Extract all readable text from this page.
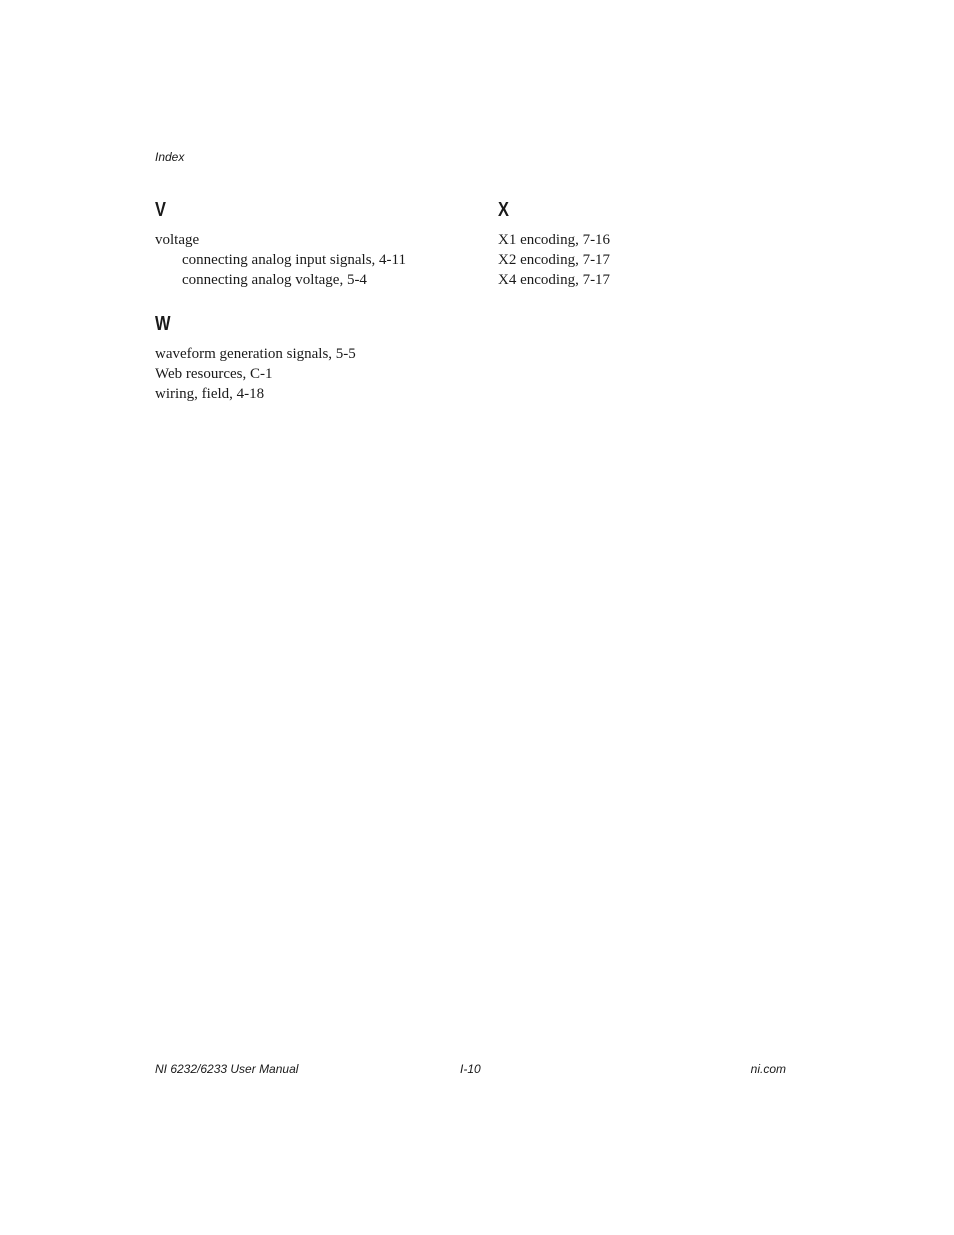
Index
V
voltage
connecting analog input signals, 4-11
connecting analog voltage, 5-4
W
waveform generation signals, 5-5
Web resources, C-1
wiring, field, 4-18
X
X1 encoding, 7-16
X2 encoding, 7-17
X4 encoding, 7-17
NI 6232/6233 User Manual	I-10	ni.com
